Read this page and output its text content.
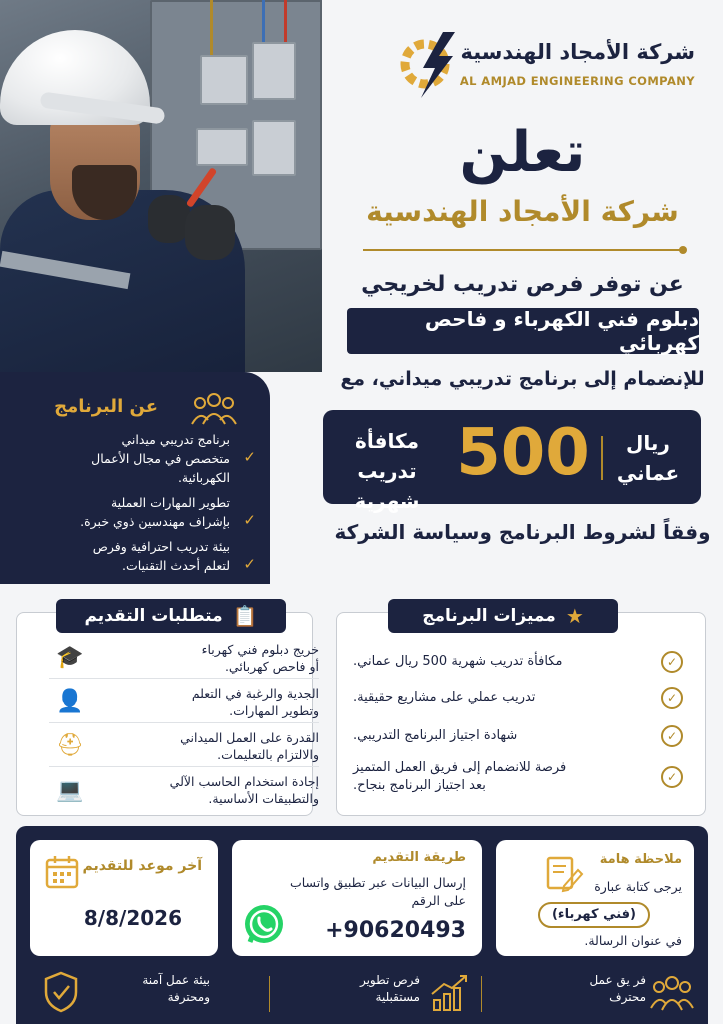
شركة الأمجاد الهندسية
AL AMJAD ENGINEERING COMPANY
تعلن
شركة الأمجاد الهندسية
عن توفر فرص تدريب لخريجي
دبلوم فني الكهرباء و فاحص كهربائي
للإنضمام إلى برنامج تدريبي ميداني، مع
ريال
عماني
500
مكافأة تدريب
شهرية
وفقاً لشروط البرنامج وسياسة الشركة
عن البرنامج
✓
برنامج تدريبي ميداني
متخصص في مجال الأعمال
الكهربائية.
✓
تطوير المهارات العملية
بإشراف مهندسين ذوي خبرة.
✓
بيئة تدريب احترافية وفرص
لتعلم أحدث التقنيات.
خريج دبلوم فني كهرباء
أو فاحص كهربائي.
🎓
الجدية والرغبة في التعلم
وتطوير المهارات.
👤
القدرة على العمل الميداني
والالتزام بالتعليمات.
⛑
إجادة استخدام الحاسب الآلي
والتطبيقات الأساسية.
💻
📋
متطلبات التقديم
✓
مكافأة تدريب شهرية 500 ريال عماني.
✓
تدريب عملي على مشاريع حقيقية.
✓
شهادة اجتياز البرنامج التدريبي.
✓
فرصة للانضمام إلى فريق العمل المتميز
بعد اجتياز البرنامج بنجاح.
★
مميزات البرنامج
ملاحظة هامة
يرجى كتابة عبارة
(فني كهرباء)
في عنوان الرسالة.
طريقة التقديم
إرسال البيانات عبر تطبيق واتساب
على الرقم
+90620493
آخر موعد للتقديم
8/8/2026
فر يق عمل
محترف
فرص تطوير
مستقبلية
بيئة عمل آمنة
ومحترفة
